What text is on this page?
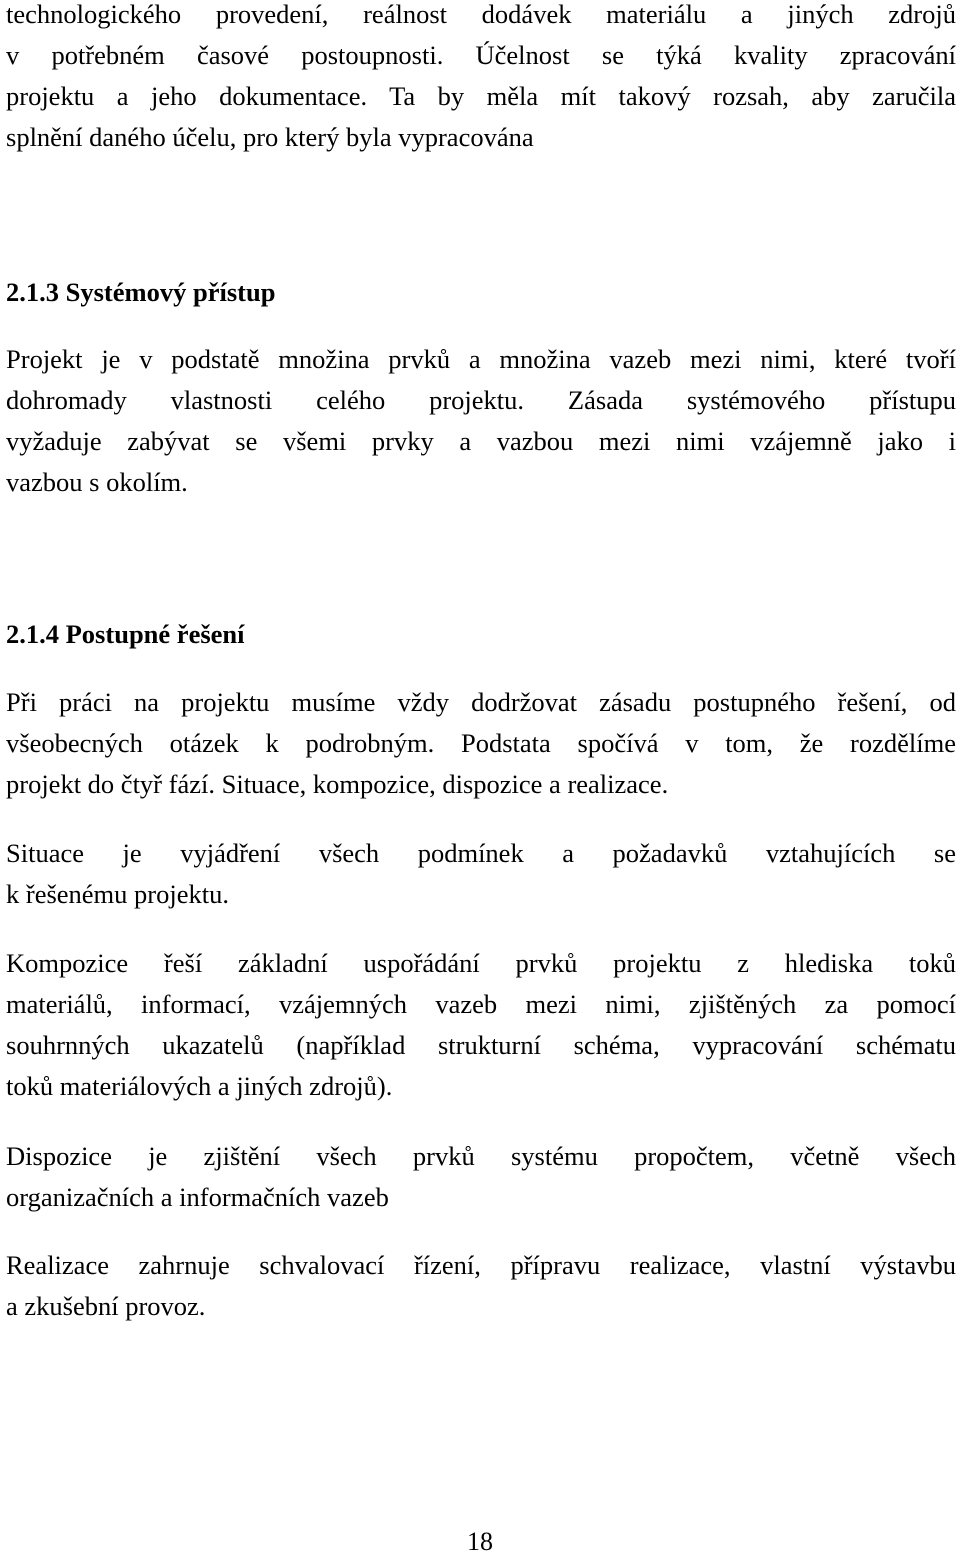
technologického provedení, reálnost dodávek materiálu a jiných zdrojů
v potřebném časové postoupnosti. Účelnost se týká kvality zpracování
projektu a jeho dokumentace. Ta by měla mít takový rozsah, aby zaručila
splnění daného účelu, pro který byla vypracována

2.1.3 Systémový přístup

Projekt je v podstatě množina prvků a množina vazeb mezi nimi, které tvoří
dohromady vlastnosti celého projektu. Zásada systémového přístupu
vyžaduje zabývat se všemi prvky a vazbou mezi nimi vzájemně jako i
vazbou s okolím.

2.1.4 Postupné řešení

Při práci na projektu musíme vždy dodržovat zásadu postupného řešení, od
všeobecných otázek k podrobným. Podstata spočívá v tom, že rozdělíme
projekt do čtyř fází. Situace, kompozice, dispozice a realizace.

Situace je vyjádření všech podmínek a požadavků vztahujících se
k řešenému projektu.

Kompozice řeší základní uspořádání prvků projektu z hlediska toků
materiálů, informací, vzájemných vazeb mezi nimi, zjištěných za pomocí
souhrnných ukazatelů (například strukturní schéma, vypracování schématu
toků materiálových a jiných zdrojů).

Dispozice je zjištění všech prvků systému propočtem, včetně všech
organizačních a informačních vazeb

Realizace zahrnuje schvalovací řízení, přípravu realizace, vlastní výstavbu
a zkušební provoz.

18
